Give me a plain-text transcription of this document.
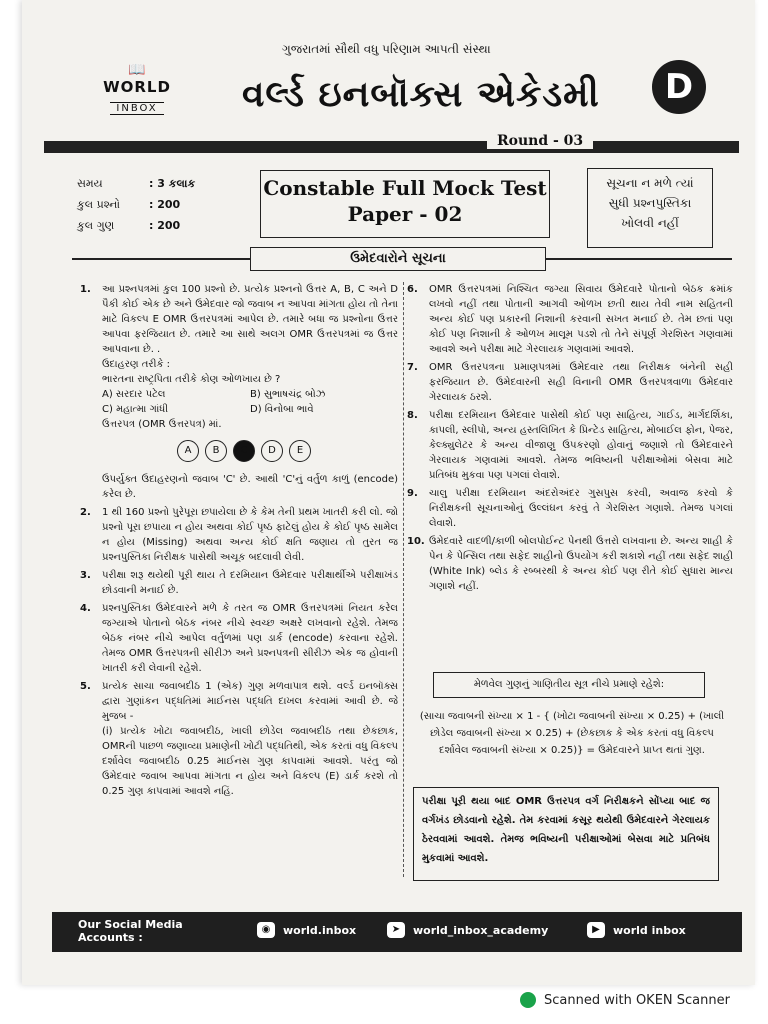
ગુજરાતમાં સૌથી વધુ પરિણામ આપતી સંસ્થા
📖
WORLD
INBOX	વર્લ્ડ ઇનબૉક્સ એકેડમી	D
Round - 03
સમય	: 3 કલાક
કુલ પ્રશ્નો	: 200
કુલ ગુણ	: 200
Constable Full Mock Test
Paper - 02
સૂચના ન મળે ત્યાં
સુધી પ્રશ્નપુસ્તિકા
ખોલવી નહીં
ઉમેદવારોને સૂચના
1.	આ પ્રશ્નપત્રમાં કુલ 100 પ્રશ્નો છે. પ્રત્યેક પ્રશ્નનો ઉત્તર A, B, C અને D પૈકી કોઈ એક છે અને ઉમેદવાર જો જવાબ ન આપવા માંગતા હોય તો તેના માટે વિકલ્પ E OMR ઉત્તરપત્રમાં આપેલ છે. તમારે બધા જ પ્રશ્નોના ઉત્તર આપવા ફરજિયાત છે. તમારે આ સાથે અલગ OMR ઉત્તરપત્રમાં જ ઉત્તર આપવાના છે. .
ઉદાહરણ તરીકે :
ભારતના રાષ્ટ્રપિતા તરીકે કોણ ઓળખાય છે ?
A) સરદાર પટેલ	B) સુભાષચંદ્ર બોઝ
C) મહાત્મા ગાંધી	D) વિનોબા ભાવે
ઉત્તરપત્ર (OMR ઉત્તરપત્ર) માં.
A	B	C	D	E
ઉપર્યુક્ત ઉદાહરણનો જવાબ 'C' છે. આથી 'C'નું વર્તુળ કાળું (encode) કરેલ છે.
2.	1 થી 160 પ્રશ્નો પુરેપૂરા છપાયેલા છે કે કેમ તેની પ્રથમ ખાતરી કરી લો. જો પ્રશ્નો પૂરા છપાયા ન હોય અથવા કોઈ પૃષ્ઠ ફાટેલું હોય કે કોઈ પૃષ્ઠ સામેલ ન હોય (Missing) અથવા અન્ય કોઈ ક્ષતિ જણાય તો તુરત જ પ્રશ્નપુસ્તિકા નિરીક્ષક પાસેથી અચૂક બદલાવી લેવી.
3.	પરીક્ષા શરૂ થયેથી પૂરી થાય તે દરમિયાન ઉમેદવાર પરીક્ષાર્થીએ પરીક્ષાખંડ છોડવાની મનાઈ છે.
4.	પ્રશ્નપુસ્તિકા ઉમેદવારને મળે કે તરત જ OMR ઉત્તરપત્રમાં નિયત કરેલ જગ્યાએ પોતાનો બેઠક નંબર નીચે સ્વચ્છ અક્ષરે લખવાનો રહેશે. તેમજ બેઠક નંબર નીચે આપેલ વર્તુળમાં પણ ડાર્ક (encode) કરવાના રહેશે. તેમજ OMR ઉત્તરપત્રની સીરીઝ અને પ્રશ્નપત્રની સીરીઝ એક જ હોવાની ખાતરી કરી લેવાની રહેશે.
5.	પ્રત્યેક સાચા જવાબદીઠ 1 (એક) ગુણ મળવાપાત્ર થશે. વર્લ્ડ ઇનબૉક્સ દ્વારા ગુણાંકન પદ્ધતિમાં માઈનસ પદ્ધતિ દાખલ કરવામાં આવી છે. જે મુજબ -
(i) પ્રત્યેક ખોટા જવાબદીઠ, ખાલી છોડેલ જવાબદીઠ તથા છેકછાક, OMRની પાછળ જણાવ્યા પ્રમાણેની ખોટી પદ્ધતિથી, એક કરતાં વધુ વિકલ્પ દર્શાવેલ જવાબદીઠ 0.25 માઈનસ ગુણ કાપવામાં આવશે. પરંતુ જો ઉમેદવાર જવાબ આપવા માંગતા ન હોય અને વિકલ્પ (E) ડાર્ક કરશે તો 0.25 ગુણ કાપવામાં આવશે નહિં.
6.	OMR ઉત્તરપત્રમાં નિશ્ચિત જગ્યા સિવાય ઉમેદવારે પોતાનો બેઠક ક્રમાંક લખવો નહીં તથા પોતાની આગવી ઓળખ છતી થાય તેવી નામ સહિતની અન્ય કોઈ પણ પ્રકારની નિશાની કરવાની સખત મનાઈ છે. તેમ છતાં પણ કોઈ પણ નિશાની કે ઓળખ માલૂમ પડશે તો તેને સંપૂર્ણ ગેરશિસ્ત ગણવામાં આવશે અને પરીક્ષા માટે ગેરલાયક ગણવામાં આવશે.
7.	OMR ઉત્તરપત્રના પ્રમાણપત્રમાં ઉમેદવાર તથા નિરીક્ષક બંનેની સહી ફરજિયાત છે. ઉમેદવારની સહી વિનાની OMR ઉત્તરપત્રવાળા ઉમેદવાર ગેરલાયક ઠરશે.
8.	પરીક્ષા દરમિયાન ઉમેદવાર પાસેથી કોઈ પણ સાહિત્ય, ગાઈડ, માર્ગદર્શિકા, કાપલી, સ્લીપો, અન્ય હસ્તલિખિત કે પ્રિન્ટેડ સાહિત્ય, મોબાઈલ ફોન, પેજર, કેલ્ક્યુલેટર કે અન્ય વીજાણુ ઉપકરણો હોવાનું જણાશે તો ઉમેદવારને ગેરલાયક ગણવામાં આવશે. તેમજ ભવિષ્યની પરીક્ષાઓમાં બેસવા માટે પ્રતિબંધ મુકવા પણ પગલાં લેવાશે.
9.	ચાલુ પરીક્ષા દરમિયાન અંદરોઅંદર ગુસપુસ કરવી, અવાજ કરવો કે નિરીક્ષકની સૂચનાઓનું ઉલ્લંઘન કરવું તે ગેરશિસ્ત ગણાશે. તેમજ પગલાં લેવાશે.
10. ઉમેદવારે વાદળી/કાળી બોલપોઈન્ટ પેનથી ઉત્તરો લખવાના છે. અન્ય શાહી કે પેન કે પેન્સિલ તથા સફેદ શાહીનો ઉપયોગ કરી શકાશે નહીં તથા સફેદ શાહી (White Ink) બ્લેડ કે રબ્બરથી કે અન્ય કોઈ પણ રીતે કોઈ સુધારા માન્ય ગણાશે નહીં.
મેળવેલ ગુણનું ગાણિતીય સૂત્ર નીચે પ્રમાણે રહેશે:
(સાચા જવાબની સંખ્યા × 1 - { (ખોટા જવાબની સંખ્યા × 0.25) + (ખાલી છોડેલ જવાબની સંખ્યા × 0.25) + (છેકછાક કે એક કરતાં વધુ વિકલ્પ દર્શાવેલ જવાબની સંખ્યા × 0.25)} = ઉમેદવારને પ્રાપ્ત થતાં ગુણ.
પરીક્ષા પૂરી થયા બાદ OMR ઉત્તરપત્ર વર્ગ નિરીક્ષકને સોંપ્યા બાદ જ વર્ગખંડ છોડવાનો રહેશે. તેમ કરવામાં કસૂર થયેથી ઉમેદવારને ગેરલાયક ઠેરવવામાં આવશે. તેમજ ભવિષ્યની પરીક્ષાઓમાં બેસવા માટે પ્રતિબંધ મુકવામાં આવશે.
Our Social Media
Accounts :
◉	world.inbox	➤	world_inbox_academy	▶	world inbox
Scanned with OKEN Scanner
